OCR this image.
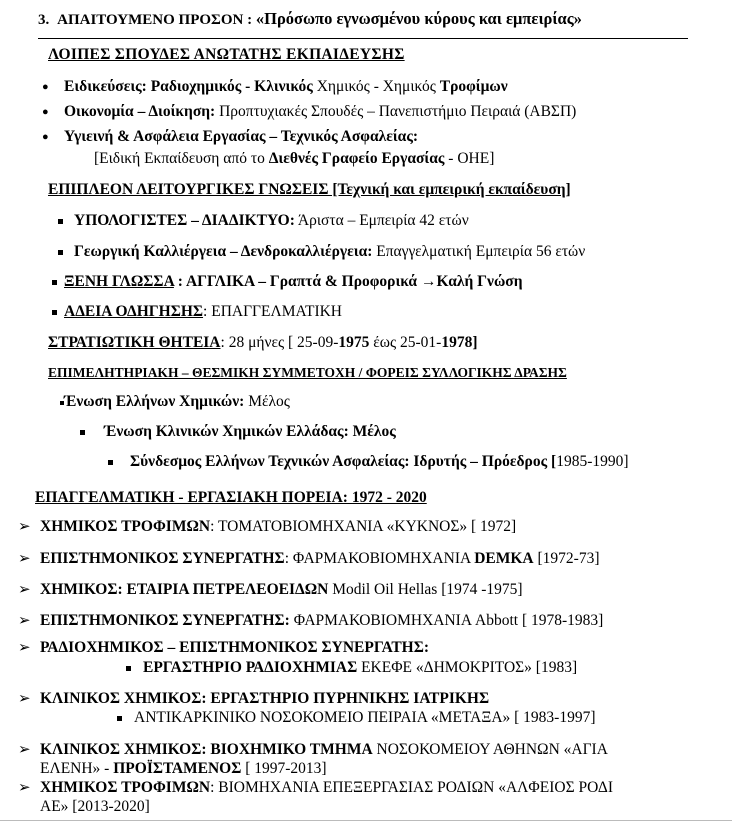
3. ΑΠΑΙΤΟΥΜΕΝΟ ΠΡΟΣΟΝ : «Πρόσωπο εγνωσμένου κύρους και εμπειρίας»
ΛΟΙΠΕΣ ΣΠΟΥΔΕΣ ΑΝΩΤΑΤΗΣ ΕΚΠΑΙΔΕΥΣΗΣ
● Ειδικεύσεις: Ραδιοχημικός - Κλινικός Χημικός - Χημικός Τροφίμων
● Οικονομία – Διοίκηση: Προπτυχιακές Σπουδές – Πανεπιστήμιο Πειραιά (ΑΒΣΠ)
● Υγιεινή & Ασφάλεια Εργασίας – Τεχνικός Ασφαλείας:
[Ειδική Εκπαίδευση από το Διεθνές Γραφείο Εργασίας - ΟΗΕ]
ΕΠΙΠΛΕΟΝ ΛΕΙΤΟΥΡΓΙΚΕΣ ΓΝΩΣΕΙΣ [Τεχνική και εμπειρική εκπαίδευση]
ΥΠΟΛΟΓΙΣΤΕΣ – ΔΙΑΔΙΚΤΥΟ: Άριστα – Εμπειρία 42 ετών
Γεωργική Καλλιέργεια – Δενδροκαλλιέργεια: Επαγγελματική Εμπειρία 56 ετών
ΞΕΝΗ ΓΛΩΣΣΑ : ΑΓΓΛΙΚΑ – Γραπτά & Προφορικά →Καλή Γνώση
ΑΔΕΙΑ ΟΔΗΓΗΣΗΣ: ΕΠΑΓΓΕΛΜΑΤΙΚΗ
ΣΤΡΑΤΙΩΤΙΚΗ ΘΗΤΕΙΑ: 28 μήνες [ 25-09-1975 έως 25-01-1978]
ΕΠΙΜΕΛΗΤΗΡΙΑΚΗ – ΘΕΣΜΙΚΗ ΣΥΜΜΕΤΟΧΗ / ΦΟΡΕΙΣ ΣΥΛΛΟΓΙΚΗΣ ΔΡΑΣΗΣ
Ένωση Ελλήνων Χημικών: Μέλος
Ένωση Κλινικών Χημικών Ελλάδας: Μέλος
Σύνδεσμος Ελλήνων Τεχνικών Ασφαλείας: Ιδρυτής – Πρόεδρος [1985-1990]
ΕΠΑΓΓΕΛΜΑΤΙΚΗ - ΕΡΓΑΣΙΑΚΗ ΠΟΡΕΙΑ: 1972 - 2020
➢ ΧΗΜΙΚΟΣ ΤΡΟΦΙΜΩΝ: ΤΟΜΑΤΟΒΙΟΜΗΧΑΝΙΑ «ΚΥΚΝΟΣ» [ 1972]
➢ ΕΠΙΣΤΗΜΟΝΙΚΟΣ ΣΥΝΕΡΓΑΤΗΣ: ΦΑΡΜΑΚΟΒΙΟΜΗΧΑΝΙΑ DEMKA [1972-73]
➢ ΧΗΜΙΚΟΣ: ΕΤΑΙΡΙΑ ΠΕΤΡΕΛΕΟΕΙΔΩΝ Modil Oil Hellas [1974 -1975]
➢ ΕΠΙΣΤΗΜΟΝΙΚΟΣ ΣΥΝΕΡΓΑΤΗΣ: ΦΑΡΜΑΚΟΒΙΟΜΗΧΑΝΙΑ Abbott [ 1978-1983]
➢ ΡΑΔΙΟΧΗΜΙΚΟΣ – ΕΠΙΣΤΗΜΟΝΙΚΟΣ ΣΥΝΕΡΓΑΤΗΣ:
ΕΡΓΑΣΤΗΡΙΟ ΡΑΔΙΟΧΗΜΙΑΣ ΕΚΕΦΕ «ΔΗΜΟΚΡΙΤΟΣ» [1983]
➢ ΚΛΙΝΙΚΟΣ ΧΗΜΙΚΟΣ: ΕΡΓΑΣΤΗΡΙΟ ΠΥΡΗΝΙΚΗΣ ΙΑΤΡΙΚΗΣ
ΑΝΤΙΚΑΡΚΙΝΙΚΟ ΝΟΣΟΚΟΜΕΙΟ ΠΕΙΡΑΙΑ «ΜΕΤΑΞΑ» [ 1983-1997]
➢ ΚΛΙΝΙΚΟΣ ΧΗΜΙΚΟΣ: ΒΙΟΧΗΜΙΚΟ ΤΜΗΜΑ ΝΟΣΟΚΟΜΕΙΟΥ ΑΘΗΝΩΝ «ΑΓΙΑ
ΕΛΕΝΗ» - ΠΡΟΪΣΤΑΜΕΝΟΣ [ 1997-2013]
➢ ΧΗΜΙΚΟΣ ΤΡΟΦΙΜΩΝ: ΒΙΟΜΗΧΑΝΙΑ ΕΠΕΞΕΡΓΑΣΙΑΣ ΡΟΔΙΩΝ «ΑΛΦΕΙΟΣ ΡΟΔΙ
ΑΕ» [2013-2020]
